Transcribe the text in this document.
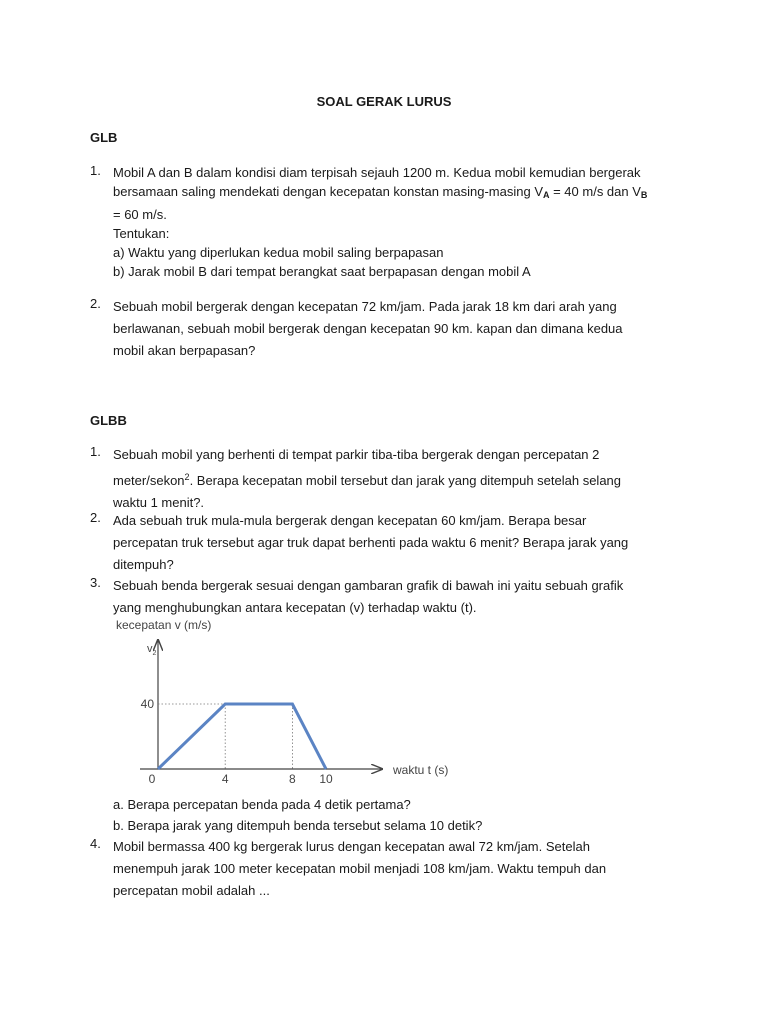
SOAL GERAK LURUS
GLB
1. Mobil A dan B dalam kondisi diam terpisah sejauh 1200 m. Kedua mobil kemudian bergerak
bersamaan saling mendekati dengan kecepatan konstan masing-masing $V_A = 40$ m/s dan $V_B$
= 60 m/s.
Tentukan:
a) Waktu yang diperlukan kedua mobil saling berpapasan
b) Jarak mobil B dari tempat berangkat saat berpapasan dengan mobil A
2. Sebuah mobil bergerak dengan kecepatan 72 km/jam. Pada jarak 18 km dari arah yang
berlawanan, sebuah mobil bergerak dengan kecepatan 90 km. kapan dan dimana kedua
mobil akan berpapasan?
GLBB
1. Sebuah mobil yang berhenti di tempat parkir tiba-tiba bergerak dengan percepatan 2
meter/sekon$^2$. Berapa kecepatan mobil tersebut dan jarak yang ditempuh setelah selang
waktu 1 menit?.
2. Ada sebuah truk mula-mula bergerak dengan kecepatan 60 km/jam. Berapa besar
percepatan truk tersebut agar truk dapat berhenti pada waktu 6 menit? Berapa jarak yang
ditempuh?
3. Sebuah benda bergerak sesuai dengan gambaran grafik di bawah ini yaitu sebuah grafik
yang menghubungkan antara kecepatan (v) terhadap waktu (t).
kecepatan v (m/s)
$v_2$
waktu t (s)
0	4	8 10
40
a. Berapa percepatan benda pada 4 detik pertama?
b. Berapa jarak yang ditempuh benda tersebut selama 10 detik?
4. Mobil bermassa 400 kg bergerak lurus dengan kecepatan awal 72 km/jam. Setelah
menempuh jarak 100 meter kecepatan mobil menjadi 108 km/jam. Waktu tempuh dan
percepatan mobil adalah ...
